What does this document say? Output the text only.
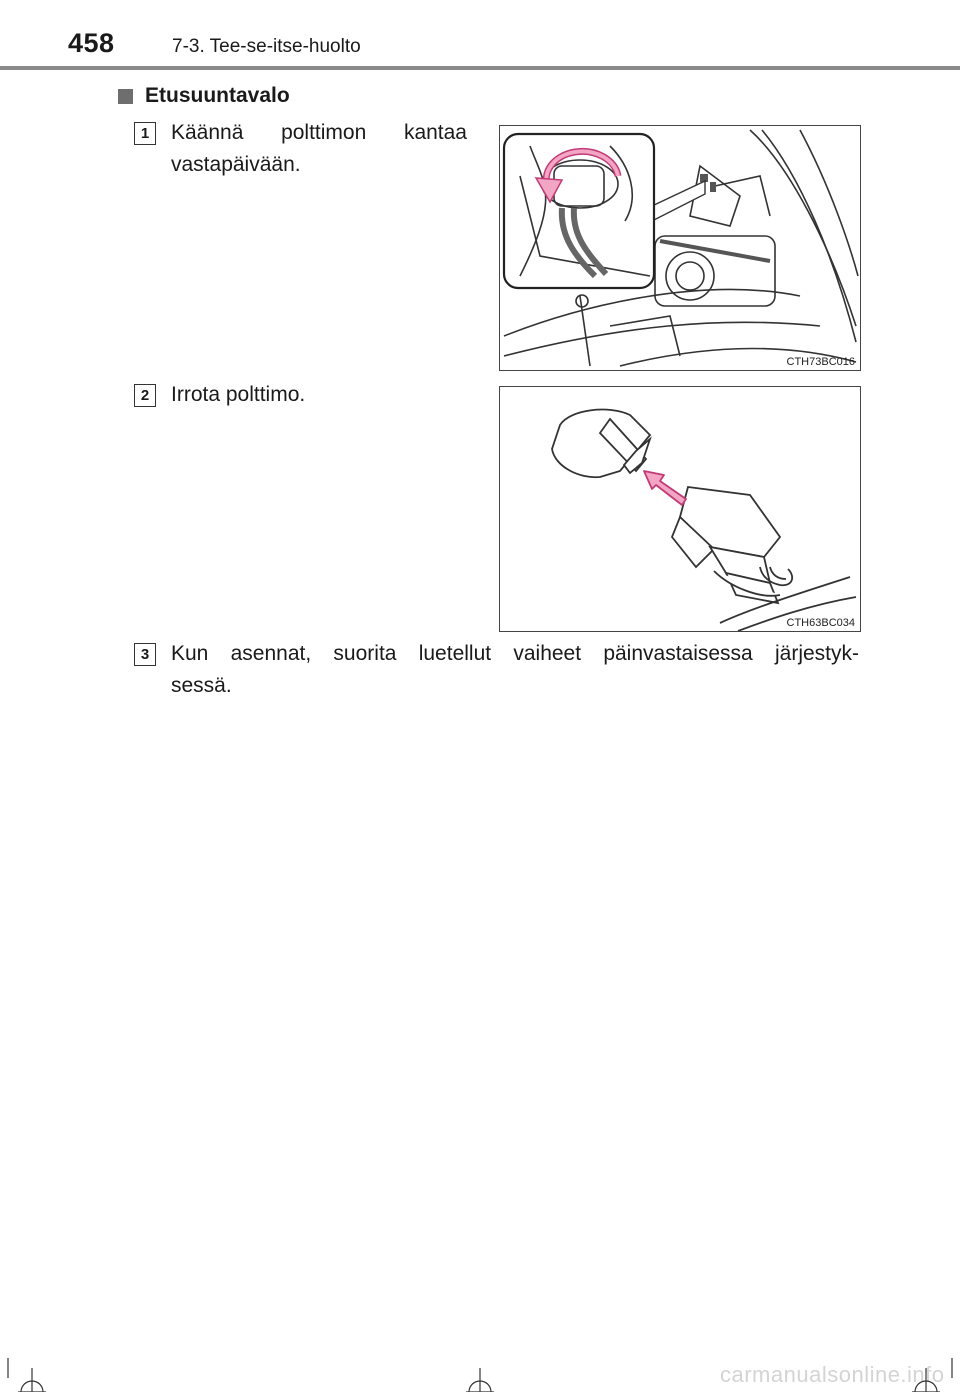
458	7-3. Tee-se-itse-huolto
Etusuuntavalo
1	Käännä polttimon kantaa
vastapäivään.
CTH73BC016
2	Irrota polttimo.
CTH63BC034
3	Kun asennat, suorita luetellut vaiheet päinvastaisessa järjestyk-
sessä.
carmanualsonline.info
